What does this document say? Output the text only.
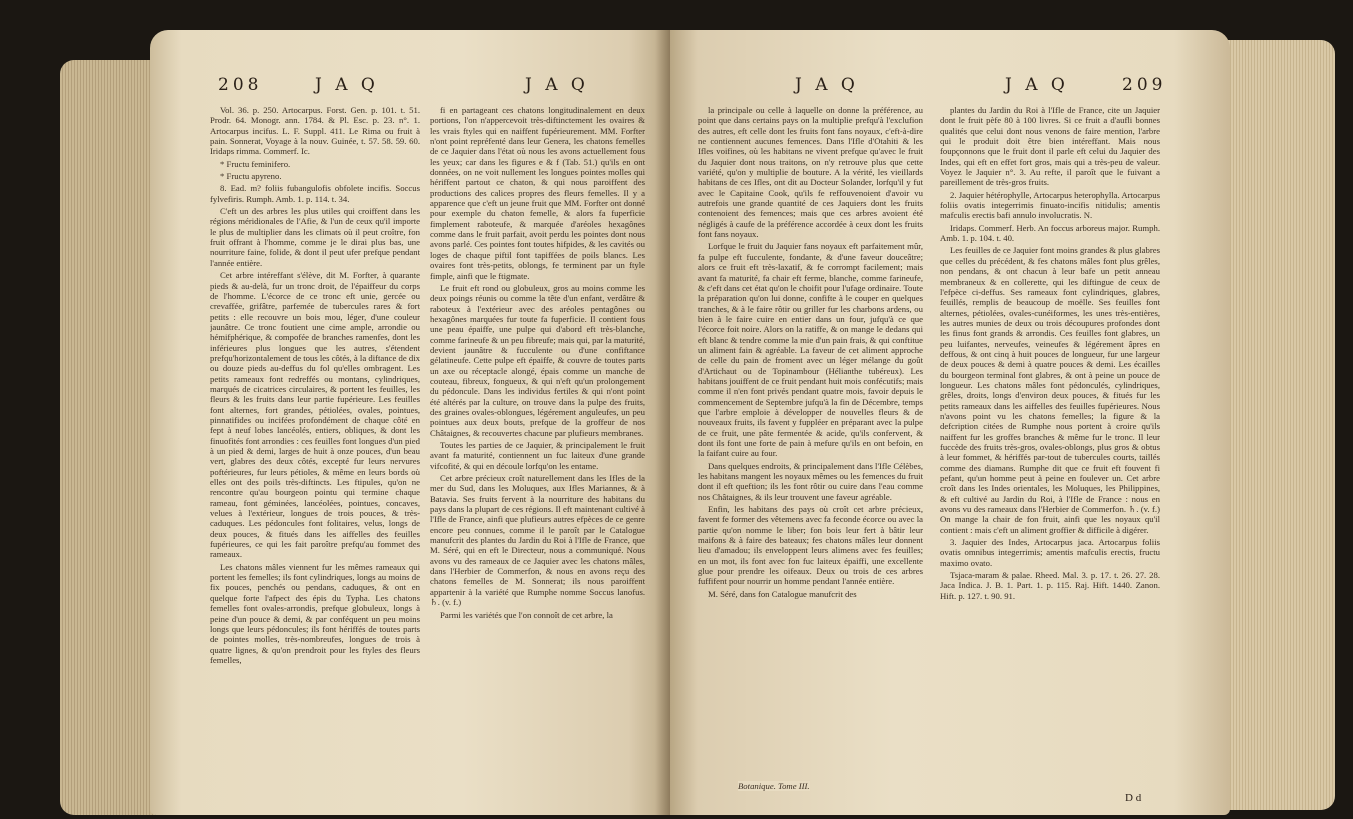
208	J A Q	J A Q

Vol. 36. p. 250. Artocarpus. Forst. Gen. p. 101. t. 51. Prodr. 64. Monogr. ann. 1784. & Pl. Esc. p. 23. n°. 1. Artocarpus incifus. L. F. Suppl. 411. Le Rima ou fruit à pain. Sonnerat, Voyage à la nouv. Guinée, t. 57. 58. 59. 60. Iridaps rimma. Commerf. Ic.

* Fructu feminifero.

* Fructu apyreno.

8. Ead. m? foliis fubangulofis obfolete incifis. Soccus fylvefiris. Rumph. Amb. 1. p. 114. t. 34.

C'eft un des arbres les plus utiles qui croiffent dans les régions méridionales de l'Afie, & l'un de ceux qu'il importe le plus de multiplier dans les climats où il peut croître, fon fruit offrant à l'homme, comme je le dirai plus bas, une nourriture faine, folide, & dont il peut ufer prefque pendant l'année entière.

Cet arbre intéreffant s'élève, dit M. Forfter, à quarante pieds & au-delà, fur un tronc droit, de l'épaiffeur du corps de l'homme. L'écorce de ce tronc eft unie, gercée ou crevaffée, grifâtre, parfemée de tubercules rares & fort petits : elle recouvre un bois mou, léger, d'une couleur jaunâtre. Ce tronc foutient une cime ample, arrondie ou hémifphérique, & compofée de branches ramenfes, dont les inférieures plus longues que les autres, s'étendent prefqu'horizontalement de tous les côtés, à la diftance de dix ou douze pieds au-deffus du fol qu'elles ombragent. Les petits rameaux font redreffés ou montans, cylindriques, marqués de cicatrices circulaires, & portent les feuilles, les fleurs & les fruits dans leur partie fupérieure. Les feuilles font alternes, fort grandes, pétiolées, ovales, pointues, pinnatifides ou incifées profondément de chaque côté en fept à neuf lobes lancéolés, entiers, obliques, & dont les finuofités font arrondies : ces feuilles font longues d'un pied à un pied & demi, larges de huit à onze pouces, d'un beau vert, glabres des deux côtés, excepté fur leurs nervures poftérieures, fur leurs pétioles, & même en leurs bords où elles ont des poils très-diftincts. Les ftipules, qu'on ne rencontre qu'au bourgeon pointu qui termine chaque rameau, font géminées, lancéolées, pointues, concaves, velues à l'extérieur, longues de trois pouces, & très-caduques. Les pédoncules font folitaires, velus, longs de deux pouces, & fitués dans les aiffelles des feuilles fupérieures, ce qui les fait paroître prefqu'au fommet des rameaux.

Les chatons mâles viennent fur les mêmes rameaux qui portent les femelles; ils font cylindriques, longs au moins de fix pouces, penchés ou pendans, caduques, & ont en quelque forte l'afpect des épis du Typha. Les chatons femelles font ovales-arrondis, prefque globuleux, longs à peine d'un pouce & demi, & par conféquent un peu moins longs que leurs pédoncules; ils font hériffés de toutes parts de pointes molles, très-nombreufes, longues de trois à quatre lignes, & qu'on prendroit pour les ftyles des fleurs femelles,

fi en partageant ces chatons longitudinalement en deux portions, l'on n'appercevoit très-diftinctement les ovaires & les vrais ftyles qui en naiffent fupérieurement. MM. Forfter n'ont point repréfenté dans leur Genera, les chatons femelles de ce Jaquier dans l'état où nous les avons actuellement fous les yeux; car dans les figures e & f (Tab. 51.) qu'ils en ont données, on ne voit nullement les longues pointes molles qui hériffent partout ce chaton, & qui nous paroiffent des productions des calices propres des fleurs femelles. Il y a apparence que c'eft un jeune fruit que MM. Forfter ont donné pour exemple du chaton femelle, & alors fa fuperficie fimplement raboteufe, & marquée d'aréoles hexagônes comme dans le fruit parfait, avoit perdu les pointes dont nous avons parlé. Ces pointes font toutes hifpides, & les cavités ou loges de chaque piftil font tapiffées de poils blancs. Les ovaires font très-petits, oblongs, fe terminent par un ftyle fimple, ainfi que le ftigmate.

Le fruit eft rond ou globuleux, gros au moins comme les deux poings réunis ou comme la tête d'un enfant, verdâtre & raboteux à l'extérieur avec des aréoles pentagônes ou hexagônes marquées fur toute fa fuperficie. Il contient fous une peau épaiffe, une pulpe qui d'abord eft très-blanche, comme farineufe & un peu fibreufe; mais qui, par la maturité, devient jaunâtre & fucculente ou d'une confiftance gélatineufe. Cette pulpe eft épaiffe, & couvre de toutes parts un axe ou réceptacle alongé, épais comme un manche de couteau, fibreux, fongueux, & qui n'eft qu'un prolongement du pédoncule. Dans les individus fertiles & qui n'ont point été altérés par la culture, on trouve dans la pulpe des fruits, des graines ovales-oblongues, légérement anguleufes, un peu pointues aux deux bouts, prefque de la groffeur de nos Châtaignes, & recouvertes chacune par plufieurs membranes.

Toutes les parties de ce Jaquier, & principalement le fruit avant fa maturité, contiennent un fuc laiteux d'une grande vifcofité, & qui en découle lorfqu'on les entame.

Cet arbre précieux croît naturellement dans les Ifles de la mer du Sud, dans les Moluques, aux Ifles Mariannes, & à Batavia. Ses fruits fervent à la nourriture des habitans du pays dans la plupart de ces régions. Il eft maintenant cultivé à l'Ifle de France, ainfi que plufieurs autres efpèces de ce genre encore peu connues, comme il le paroît par le Catalogue manufcrit des plantes du Jardin du Roi à l'Ifle de France, que M. Séré, qui en eft le Directeur, nous a communiqué. Nous avons vu des rameaux de ce Jaquier avec les chatons mâles, dans l'Herbier de Commerfon, & nous en avons reçu des chatons femelles de M. Sonnerat; ils nous paroiffent appartenir à la variété que Rumphe nomme Soccus lanofus. ♄. (v. f.)

Parmi les variétés que l'on connoît de cet arbre, la

J A Q	J A Q	209

la principale ou celle à laquelle on donne la préférence, au point que dans certains pays on la multiplie prefqu'à l'exclufion des autres, eft celle dont les fruits font fans noyaux, c'eft-à-dire ne contiennent aucunes femences. Dans l'Ifle d'Otahiti & les Ifles voifines, où les habitans ne vivent prefque qu'avec le fruit du Jaquier dont nous traitons, on n'y retrouve plus que cette variété, qu'on y multiplie de bouture. A la vérité, les vieillards habitans de ces Ifles, ont dit au Docteur Solander, lorfqu'il y fut avec le Capitaine Cook, qu'ils fe reffouvenoient d'avoir vu autrefois une grande quantité de ces Jaquiers dont les fruits contenoient des femences; mais que ces arbres avoient été négligés à caufe de la préférence accordée à ceux dont les fruits font fans noyaux.

Lorfque le fruit du Jaquier fans noyaux eft parfaitement mûr, fa pulpe eft fucculente, fondante, & d'une faveur douceâtre; alors ce fruit eft très-laxatif, & fe corrompt facilement; mais avant fa maturité, fa chair eft ferme, blanche, comme farineufe, & c'eft dans cet état qu'on le choifit pour l'ufage ordinaire. Toute la préparation qu'on lui donne, confifte à le couper en quelques tranches, & à le faire rôtir ou griller fur les charbons ardens, ou bien à le faire cuire en entier dans un four, jufqu'à ce que l'écorce foit noire. Alors on la ratiffe, & on mange le dedans qui eft blanc & tendre comme la mie d'un pain frais, & qui conftitue un aliment fain & agréable. La faveur de cet aliment approche de celle du pain de froment avec un léger mélange du goût d'Artichaut ou de Topinambour (Hélianthe tubéreux). Les habitans jouiffent de ce fruit pendant huit mois confécutifs; mais comme il n'en font privés pendant quatre mois, favoir depuis le commencement de Septembre jufqu'à la fin de Décembre, temps que l'arbre emploie à développer de nouvelles fleurs & de nouveaux fruits, ils favent y fuppléer en préparant avec la pulpe de ce fruit, une pâte fermentée & acide, qu'ils confervent, & dont ils font une forte de pain à mefure qu'ils en ont befoin, en la faifant cuire au four.

Dans quelques endroits, & principalement dans l'Ifle Célèbes, les habitans mangent les noyaux mêmes ou les femences du fruit dont il eft queftion; ils les font rôtir ou cuire dans l'eau comme nos Châtaignes, & ils leur trouvent une faveur agréable.

Enfin, les habitans des pays où croît cet arbre précieux, favent fe former des vêtemens avec fa feconde écorce ou avec la partie qu'on nomme le liber; fon bois leur fert à bâtir leur maifons & à faire des bateaux; fes chatons mâles leur donnent lieu d'amadou; ils enveloppent leurs alimens avec fes feuilles; en un mot, ils font avec fon fuc laiteux épaiffi, une excellente glue pour prendre les oifeaux. Deux ou trois de ces arbres fuffifent pour nourrir un homme pendant l'année entière.

M. Séré, dans fon Catalogue manufcrit des

Botanique. Tome III.

plantes du Jardin du Roi à l'Ifle de France, cite un Jaquier dont le fruit pèfe 80 à 100 livres. Si ce fruit a d'aufli bonnes qualités que celui dont nous venons de faire mention, l'arbre qui le produit doit être bien intéreffant. Mais nous foupçonnons que le fruit dont il parle eft celui du Jaquier des Indes, qui eft en effet fort gros, mais qui a très-peu de valeur. Voyez le Jaquier n°. 3. Au refte, il paroît que le fuivant a pareillement de très-gros fruits.

2. Jaquier hétérophylle, Artocarpus heterophylla. Artocarpus foliis ovatis integerrimis finuato-incifis nitidulis; amentis mafculis erectis bafi annulo involucratis. N.

Iridaps. Commerf. Herb. An foccus arboreus major. Rumph. Amb. 1. p. 104. t. 40.

Les feuilles de ce Jaquier font moins grandes & plus glabres que celles du précédent, & fes chatons mâles font plus grêles, non pendans, & ont chacun à leur bafe un petit anneau membraneux & en collerette, qui les diftingue de ceux de l'efpèce ci-deffus. Ses rameaux font cylindriques, glabres, feuillés, remplis de beaucoup de moëlle. Ses feuilles font alternes, pétiolées, ovales-cunéiformes, les unes très-entières, les autres munies de deux ou trois découpures profondes dont les finus font grands & arrondis. Ces feuilles font glabres, un peu luifantes, nerveufes, veineufes & légérement âpres en deffous, & ont cinq à huit pouces de longueur, fur une largeur de deux pouces & demi à quatre pouces & demi. Les écailles du bourgeon terminal font glabres, & ont à peine un pouce de longueur. Les chatons mâles font pédonculés, cylindriques, grêles, droits, longs d'environ deux pouces, & fitués fur les petits rameaux dans les aiffelles des feuilles fupérieures. Nous n'avons point vu les chatons femelles; la figure & la defcription citées de Rumphe nous portent à croire qu'ils naiffent fur les groffes branches & même fur le tronc. Il leur fuccède des fruits très-gros, ovales-oblongs, plus gros & obtus à leur fommet, & hériffés par-tout de tubercules courts, taillés comme des diamans. Rumphe dit que ce fruit eft fouvent fi pefant, qu'un homme peut à peine en foulever un. Cet arbre croît dans les Indes orientales, les Moluques, les Philippines, & eft cultivé au Jardin du Roi, à l'Ifle de France : nous en avons vu des rameaux dans l'Herbier de Commerfon. ♄. (v. f.) On mange la chair de fon fruit, ainfi que les noyaux qu'il contient : mais c'eft un aliment groffier & difficile à digérer.

3. Jaquier des Indes, Artocarpus jaca. Artocarpus foliis ovatis omnibus integerrimis; amentis mafculis erectis, fructu maximo ovato.

Tsjaca-maram & palae. Rheed. Mal. 3. p. 17. t. 26. 27. 28. Jaca Indica. J. B. 1. Part. 1. p. 115. Raj. Hift. 1440. Zanon. Hift. p. 127. t. 90. 91.

D d
